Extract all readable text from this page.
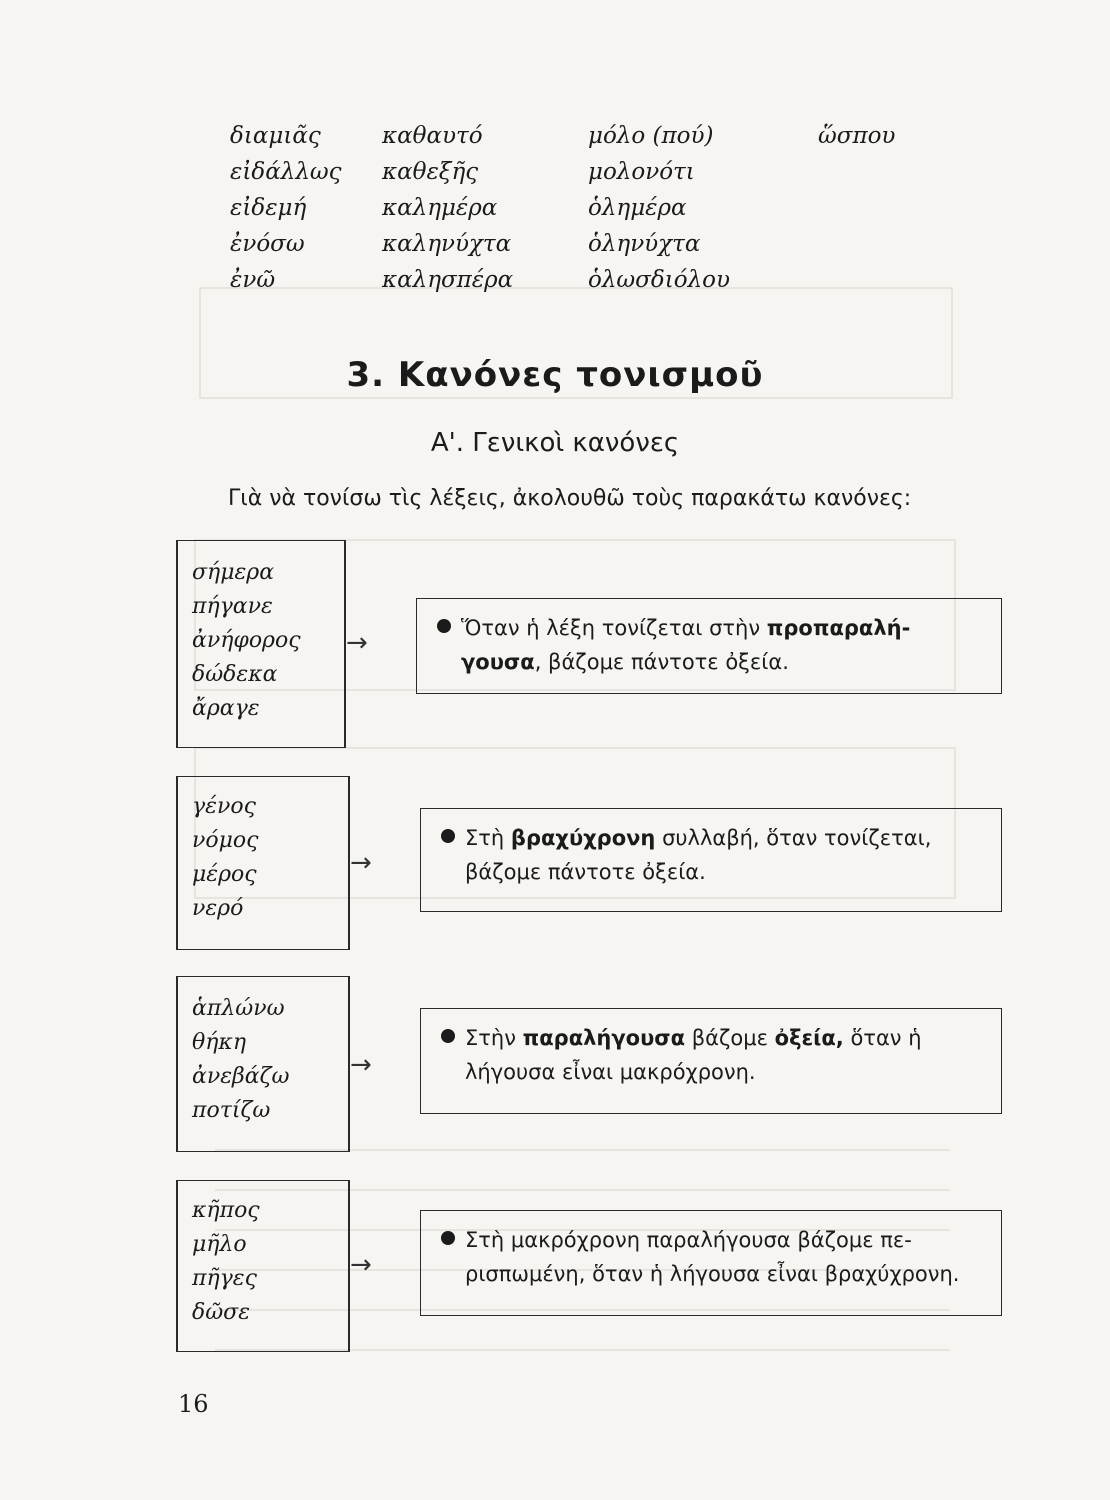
διαμιᾶς
εἰδάλλως
εἰδεμή
ἐνόσω
ἐνῶ
καθαυτό
καθεξῆς
καλημέρα
καληνύχτα
καλησπέρα
μόλο (πού)
μολονότι
ὁλημέρα
ὁληνύχτα
ὁλωσδιόλου
ὥσπου
3. Κανόνες τονισμοῦ
Α'. Γενικοὶ κανόνες
Γιὰ νὰ τονίσω τὶς λέξεις, ἀκολουθῶ τοὺς παρακάτω κανόνες:
σήμερα
πήγανε
ἀνήφορος
δώδεκα
ἄραγε
→	Ὅταν ἡ λέξη τονίζεται στὴν προπαραλή-
γουσα, βάζομε πάντοτε ὀξεία.
γένος
νόμος
μέρος
νερό
→
Στὴ βραχύχρονη συλλαβή, ὅταν τονίζεται,
βάζομε πάντοτε ὀξεία.
ἁπλώνω
θήκη
ἀνεβάζω
ποτίζω
→
Στὴν παραλήγουσα βάζομε ὀξεία, ὅταν ἡ
λήγουσα εἶναι μακρόχρονη.
κῆπος
μῆλο
πῆγες
δῶσε
→
Στὴ μακρόχρονη παραλήγουσα βάζομε πε-
ρισπωμένη, ὅταν ἡ λήγουσα εἶναι βραχύχρονη.
16
